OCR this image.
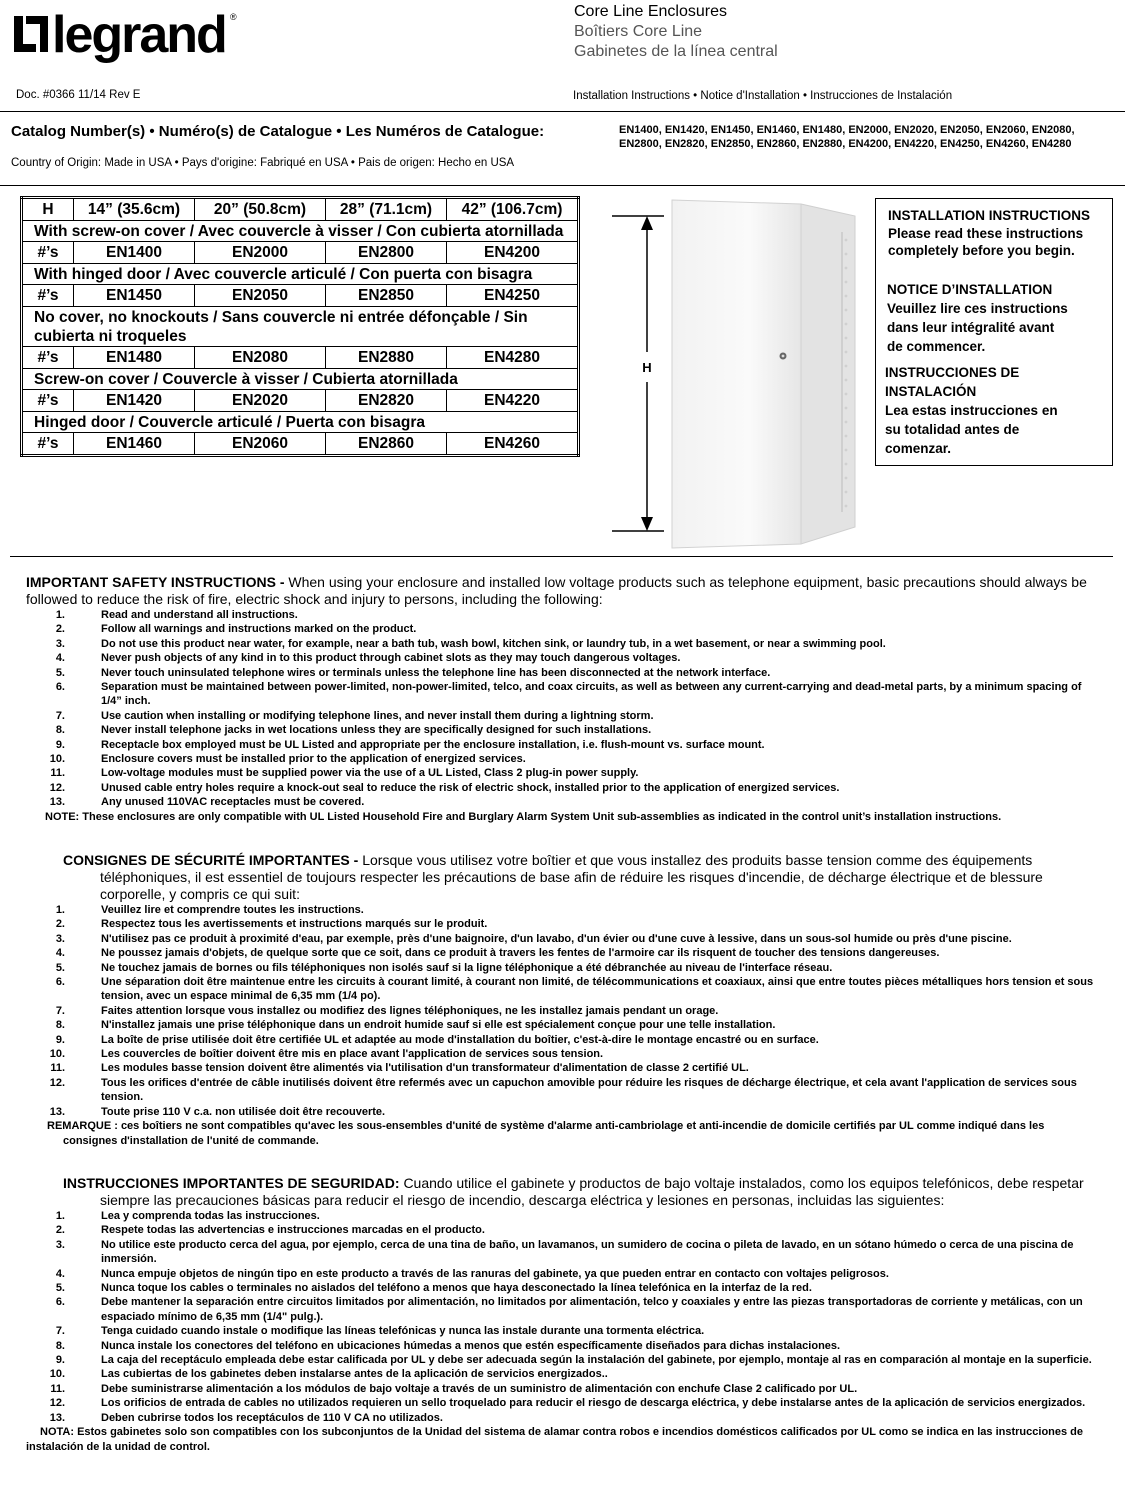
legrand ®	Core Line Enclosures
Boîtiers Core Line
Gabinetes de la línea central
Doc. #0366 11/14 Rev E	Installation Instructions • Notice d'Installation • Instrucciones de Instalación
Catalog Number(s) • Numéro(s) de Catalogue • Les Numéros de Catalogue:	EN1400, EN1420, EN1450, EN1460, EN1480, EN2000, EN2020, EN2050, EN2060, EN2080, EN2800, EN2820, EN2850, EN2860, EN2880, EN4200, EN4220, EN4250, EN4260, EN4280
Country of Origin: Made in USA • Pays d'origine: Fabriqué en USA • Pais de origen: Hecho en USA
H	14” (35.6cm)	20” (50.8cm)	28” (71.1cm)	42” (106.7cm)
With screw-on cover / Avec couvercle à visser / Con cubierta atornillada				
#’s	EN1400	EN2000	EN2800	EN4200
With hinged door / Avec couvercle articulé / Con puerta con bisagra				
#’s	EN1450	EN2050	EN2850	EN4250
No cover, no knockouts / Sans couvercle ni entrée défonçable / Sin cubierta ni troqueles				
#’s	EN1480	EN2080	EN2880	EN4280
Screw-on cover / Couvercle à visser / Cubierta atornillada				
#’s	EN1420	EN2020	EN2820	EN4220
Hinged door / Couvercle articulé / Puerta con bisagra				
#’s	EN1460	EN2060	EN2860	EN4260
H
INSTALLATION INSTRUCTIONS
Please read these instructions
completely before you begin.
NOTICE D’INSTALLATION
Veuillez lire ces instructions
dans leur intégralité avant
de commencer.
INSTRUCCIONES DE
INSTALACIÓN
Lea estas instrucciones en
su totalidad antes de
comenzar.
IMPORTANT SAFETY INSTRUCTIONS - When using your enclosure and installed low voltage products such as telephone equipment, basic precautions should always be followed to reduce the risk of fire, electric shock and injury to persons, including the following:
1.	Read and understand all instructions.
2.	Follow all warnings and instructions marked on the product.
3.	Do not use this product near water, for example, near a bath tub, wash bowl, kitchen sink, or laundry tub, in a wet basement, or near a swimming pool.
4.	Never push objects of any kind in to this product through cabinet slots as they may touch dangerous voltages.
5.	Never touch uninsulated telephone wires or terminals unless the telephone line has been disconnected at the network interface.
6.	Separation must be maintained between power-limited, non-power-limited, telco, and coax circuits, as well as between any current-carrying and dead-metal parts, by a minimum spacing of 1/4” inch.
7.	Use caution when installing or modifying telephone lines, and never install them during a lightning storm.
8.	Never install telephone jacks in wet locations unless they are specifically designed for such installations.
9.	Receptacle box employed must be UL Listed and appropriate per the enclosure installation, i.e. flush-mount vs. surface mount.
10.	Enclosure covers must be installed prior to the application of energized services.
11.	Low-voltage modules must be supplied power via the use of a UL Listed, Class 2 plug-in power supply.
12.	Unused cable entry holes require a knock-out seal to reduce the risk of electric shock, installed prior to the application of energized services.
13.	Any unused 110VAC receptacles must be covered.
NOTE: These enclosures are only compatible with UL Listed Household Fire and Burglary Alarm System Unit sub-assemblies as indicated in the control unit’s installation instructions.
CONSIGNES DE SÉCURITÉ IMPORTANTES - Lorsque vous utilisez votre boîtier et que vous installez des produits basse tension comme des équipements téléphoniques, il est essentiel de toujours respecter les précautions de base afin de réduire les risques d'incendie, de décharge électrique et de blessure corporelle, y compris ce qui suit:
1.	Veuillez lire et comprendre toutes les instructions.
2.	Respectez tous les avertissements et instructions marqués sur le produit.
3.	N'utilisez pas ce produit à proximité d'eau, par exemple, près d'une baignoire, d'un lavabo, d'un évier ou d'une cuve à lessive, dans un sous-sol humide ou près d'une piscine.
4.	Ne poussez jamais d'objets, de quelque sorte que ce soit, dans ce produit à travers les fentes de l'armoire car ils risquent de toucher des tensions dangereuses.
5.	Ne touchez jamais de bornes ou fils téléphoniques non isolés sauf si la ligne téléphonique a été débranchée au niveau de l'interface réseau.
6.	Une séparation doit être maintenue entre les circuits à courant limité, à courant non limité, de télécommunications et coaxiaux, ainsi que entre toutes pièces métalliques hors tension et sous tension, avec un espace minimal de 6,35 mm (1/4 po).
7.	Faites attention lorsque vous installez ou modifiez des lignes téléphoniques, ne les installez jamais pendant un orage.
8.	N'installez jamais une prise téléphonique dans un endroit humide sauf si elle est spécialement conçue pour une telle installation.
9.	La boîte de prise utilisée doit être certifiée UL et adaptée au mode d'installation du boîtier, c'est-à-dire le montage encastré ou en surface.
10.	Les couvercles de boîtier doivent être mis en place avant l'application de services sous tension.
11.	Les modules basse tension doivent être alimentés via l'utilisation d'un transformateur d'alimentation de classe 2 certifié UL.
12.	Tous les orifices d'entrée de câble inutilisés doivent être refermés avec un capuchon amovible pour réduire les risques de décharge électrique, et cela avant l'application de services sous tension.
13.	Toute prise 110 V c.a. non utilisée doit être recouverte.
REMARQUE : ces boîtiers ne sont compatibles qu'avec les sous-ensembles d'unité de système d'alarme anti-cambriolage et anti-incendie de domicile certifiés par UL comme indiqué dans les consignes d'installation de l'unité de commande.
INSTRUCCIONES IMPORTANTES DE SEGURIDAD: Cuando utilice el gabinete y productos de bajo voltaje instalados, como los equipos telefónicos, debe respetar siempre las precauciones básicas para reducir el riesgo de incendio, descarga eléctrica y lesiones en personas, incluidas las siguientes:
1.	Lea y comprenda todas las instrucciones.
2.	Respete todas las advertencias e instrucciones marcadas en el producto.
3.	No utilice este producto cerca del agua, por ejemplo, cerca de una tina de baño, un lavamanos, un sumidero de cocina o pileta de lavado, en un sótano húmedo o cerca de una piscina de inmersión.
4.	Nunca empuje objetos de ningún tipo en este producto a través de las ranuras del gabinete, ya que pueden entrar en contacto con voltajes peligrosos.
5.	Nunca toque los cables o terminales no aislados del teléfono a menos que haya desconectado la línea telefónica en la interfaz de la red.
6.	Debe mantener la separación entre circuitos limitados por alimentación, no limitados por alimentación, telco y coaxiales y entre las piezas transportadoras de corriente y metálicas, con un espaciado mínimo de 6,35 mm (1/4" pulg.).
7.	Tenga cuidado cuando instale o modifique las líneas telefónicas y nunca las instale durante una tormenta eléctrica.
8.	Nunca instale los conectores del teléfono en ubicaciones húmedas a menos que estén específicamente diseñados para dichas instalaciones.
9.	La caja del receptáculo empleada debe estar calificada por UL y debe ser adecuada según la instalación del gabinete, por ejemplo, montaje al ras en comparación al montaje en la superficie.
10.	Las cubiertas de los gabinetes deben instalarse antes de la aplicación de servicios energizados..
11.	Debe suministrarse alimentación a los módulos de bajo voltaje a través de un suministro de alimentación con enchufe Clase 2 calificado por UL.
12.	Los orificios de entrada de cables no utilizados requieren un sello troquelado para reducir el riesgo de descarga eléctrica, y debe instalarse antes de la aplicación de servicios energizados.
13.	Deben cubrirse todos los receptáculos de 110 V CA no utilizados.
NOTA: Estos gabinetes solo son compatibles con los subconjuntos de la Unidad del sistema de alamar contra robos e incendios domésticos calificados por UL como se indica en las instrucciones de instalación de la unidad de control.
